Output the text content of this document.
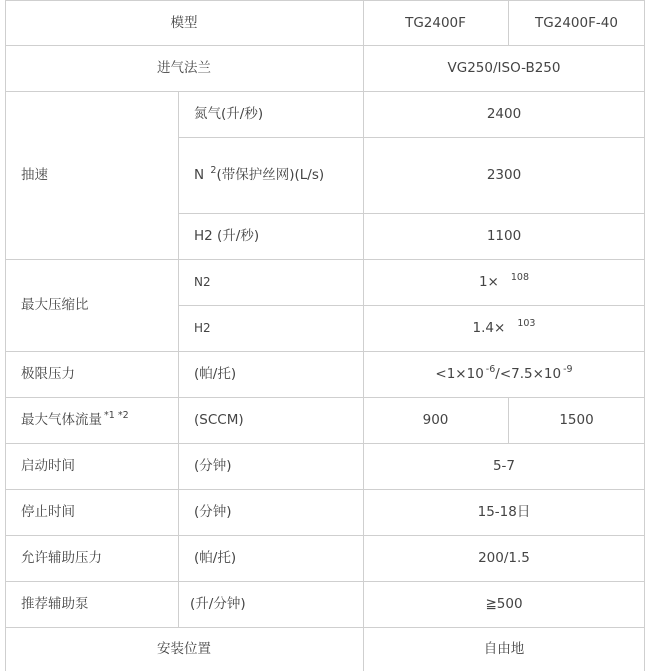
模型	TG2400F	TG2400F-40
进气法兰	VG250/ISO-B250
抽速
氮气(升/秒)	2400
N $^2$(带保护丝网)(L/s)	2300
H2 (升/秒)	1100
最大压缩比
N2	1× $^{108}$
H2	1.4× $^{103}$
极限压力	(帕/托)	$<1\times 10^{-6}$ $/<7.5\times 10^{-9}$
最大气体流量$^{*1 *2}$	(SCCM)	900	1500
启动时间	(分钟)	5-7
停止时间	(分钟)	15-18日
允许辅助压力	(帕/托)	200/1.5
推荐辅助泵	(升/分钟)	≧500
安装位置	自由地
